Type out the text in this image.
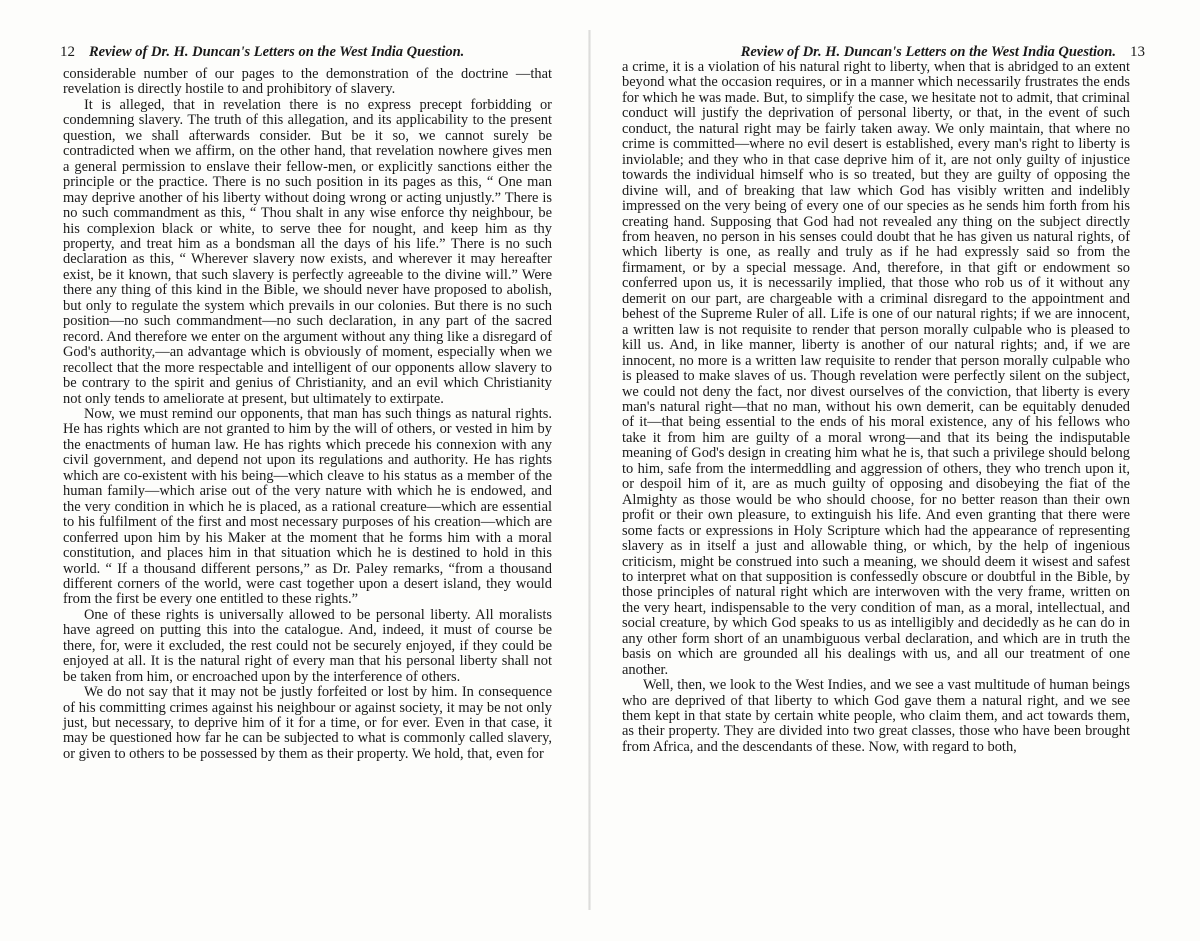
12 Review of Dr. H. Duncan's Letters on the West India Question.

considerable number of our pages to the demonstration of the doctrine —that revelation is directly hostile to and prohibitory of slavery.

It is alleged, that in revelation there is no express precept forbidding or condemning slavery. The truth of this allegation, and its applicability to the present question, we shall afterwards consider. But be it so, we cannot surely be contradicted when we affirm, on the other hand, that revelation nowhere gives men a general permission to enslave their fellow-men, or explicitly sanctions either the principle or the practice. There is no such position in its pages as this, “ One man may deprive another of his liberty without doing wrong or acting unjustly.” There is no such commandment as this, “ Thou shalt in any wise enforce thy neighbour, be his complexion black or white, to serve thee for nought, and keep him as thy property, and treat him as a bondsman all the days of his life.” There is no such declaration as this, “ Wherever slavery now exists, and wherever it may hereafter exist, be it known, that such slavery is perfectly agreeable to the divine will.” Were there any thing of this kind in the Bible, we should never have proposed to abolish, but only to regulate the system which prevails in our colonies. But there is no such position—no such commandment—no such declaration, in any part of the sacred record. And therefore we enter on the argument without any thing like a disregard of God's authority,—an advantage which is obviously of moment, especially when we recollect that the more respectable and intelligent of our opponents allow slavery to be contrary to the spirit and genius of Christianity, and an evil which Christianity not only tends to ameliorate at present, but ultimately to extirpate.

Now, we must remind our opponents, that man has such things as natural rights. He has rights which are not granted to him by the will of others, or vested in him by the enactments of human law. He has rights which precede his connexion with any civil government, and depend not upon its regulations and authority. He has rights which are co-existent with his being—which cleave to his status as a member of the human family—which arise out of the very nature with which he is endowed, and the very condition in which he is placed, as a rational creature—which are essential to his fulfilment of the first and most necessary purposes of his creation—which are conferred upon him by his Maker at the moment that he forms him with a moral constitution, and places him in that situation which he is destined to hold in this world. “ If a thousand different persons,” as Dr. Paley remarks, “from a thousand different corners of the world, were cast together upon a desert island, they would from the first be every one entitled to these rights.”

One of these rights is universally allowed to be personal liberty. All moralists have agreed on putting this into the catalogue. And, indeed, it must of course be there, for, were it excluded, the rest could not be securely enjoyed, if they could be enjoyed at all. It is the natural right of every man that his personal liberty shall not be taken from him, or encroached upon by the interference of others.

We do not say that it may not be justly forfeited or lost by him. In consequence of his committing crimes against his neighbour or against society, it may be not only just, but necessary, to deprive him of it for a time, or for ever. Even in that case, it may be questioned how far he can be subjected to what is commonly called slavery, or given to others to be possessed by them as their property. We hold, that, even for

Review of Dr. H. Duncan's Letters on the West India Question. 13

a crime, it is a violation of his natural right to liberty, when that is abridged to an extent beyond what the occasion requires, or in a manner which necessarily frustrates the ends for which he was made. But, to simplify the case, we hesitate not to admit, that criminal conduct will justify the deprivation of personal liberty, or that, in the event of such conduct, the natural right may be fairly taken away. We only maintain, that where no crime is committed—where no evil desert is established, every man's right to liberty is inviolable; and they who in that case deprive him of it, are not only guilty of injustice towards the individual himself who is so treated, but they are guilty of opposing the divine will, and of breaking that law which God has visibly written and indelibly impressed on the very being of every one of our species as he sends him forth from his creating hand. Supposing that God had not revealed any thing on the subject directly from heaven, no person in his senses could doubt that he has given us natural rights, of which liberty is one, as really and truly as if he had expressly said so from the firmament, or by a special message. And, therefore, in that gift or endowment so conferred upon us, it is necessarily implied, that those who rob us of it without any demerit on our part, are chargeable with a criminal disregard to the appointment and behest of the Supreme Ruler of all. Life is one of our natural rights; if we are innocent, a written law is not requisite to render that person morally culpable who is pleased to kill us. And, in like manner, liberty is another of our natural rights; and, if we are innocent, no more is a written law requisite to render that person morally culpable who is pleased to make slaves of us. Though revelation were perfectly silent on the subject, we could not deny the fact, nor divest ourselves of the conviction, that liberty is every man's natural right—that no man, without his own demerit, can be equitably denuded of it—that being essential to the ends of his moral existence, any of his fellows who take it from him are guilty of a moral wrong—and that its being the indisputable meaning of God's design in creating him what he is, that such a privilege should belong to him, safe from the intermeddling and aggression of others, they who trench upon it, or despoil him of it, are as much guilty of opposing and disobeying the fiat of the Almighty as those would be who should choose, for no better reason than their own profit or their own pleasure, to extinguish his life. And even granting that there were some facts or expressions in Holy Scripture which had the appearance of representing slavery as in itself a just and allowable thing, or which, by the help of ingenious criticism, might be construed into such a meaning, we should deem it wisest and safest to interpret what on that supposition is confessedly obscure or doubtful in the Bible, by those principles of natural right which are interwoven with the very frame, written on the very heart, indispensable to the very condition of man, as a moral, intellectual, and social creature, by which God speaks to us as intelligibly and decidedly as he can do in any other form short of an unambiguous verbal declaration, and which are in truth the basis on which are grounded all his dealings with us, and all our treatment of one another.

Well, then, we look to the West Indies, and we see a vast multitude of human beings who are deprived of that liberty to which God gave them a natural right, and we see them kept in that state by certain white people, who claim them, and act towards them, as their property. They are divided into two great classes, those who have been brought from Africa, and the descendants of these. Now, with regard to both,
